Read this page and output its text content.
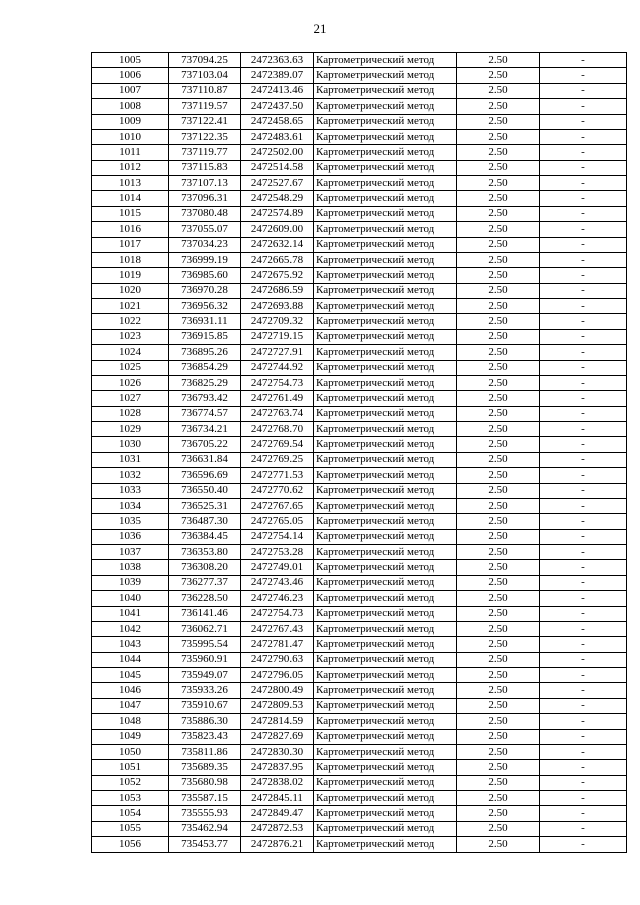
21
1005	737094.25	2472363.63	Картометрический метод	2.50	-
1006	737103.04	2472389.07	Картометрический метод	2.50	-
1007	737110.87	2472413.46	Картометрический метод	2.50	-
1008	737119.57	2472437.50	Картометрический метод	2.50	-
1009	737122.41	2472458.65	Картометрический метод	2.50	-
1010	737122.35	2472483.61	Картометрический метод	2.50	-
1011	737119.77	2472502.00	Картометрический метод	2.50	-
1012	737115.83	2472514.58	Картометрический метод	2.50	-
1013	737107.13	2472527.67	Картометрический метод	2.50	-
1014	737096.31	2472548.29	Картометрический метод	2.50	-
1015	737080.48	2472574.89	Картометрический метод	2.50	-
1016	737055.07	2472609.00	Картометрический метод	2.50	-
1017	737034.23	2472632.14	Картометрический метод	2.50	-
1018	736999.19	2472665.78	Картометрический метод	2.50	-
1019	736985.60	2472675.92	Картометрический метод	2.50	-
1020	736970.28	2472686.59	Картометрический метод	2.50	-
1021	736956.32	2472693.88	Картометрический метод	2.50	-
1022	736931.11	2472709.32	Картометрический метод	2.50	-
1023	736915.85	2472719.15	Картометрический метод	2.50	-
1024	736895.26	2472727.91	Картометрический метод	2.50	-
1025	736854.29	2472744.92	Картометрический метод	2.50	-
1026	736825.29	2472754.73	Картометрический метод	2.50	-
1027	736793.42	2472761.49	Картометрический метод	2.50	-
1028	736774.57	2472763.74	Картометрический метод	2.50	-
1029	736734.21	2472768.70	Картометрический метод	2.50	-
1030	736705.22	2472769.54	Картометрический метод	2.50	-
1031	736631.84	2472769.25	Картометрический метод	2.50	-
1032	736596.69	2472771.53	Картометрический метод	2.50	-
1033	736550.40	2472770.62	Картометрический метод	2.50	-
1034	736525.31	2472767.65	Картометрический метод	2.50	-
1035	736487.30	2472765.05	Картометрический метод	2.50	-
1036	736384.45	2472754.14	Картометрический метод	2.50	-
1037	736353.80	2472753.28	Картометрический метод	2.50	-
1038	736308.20	2472749.01	Картометрический метод	2.50	-
1039	736277.37	2472743.46	Картометрический метод	2.50	-
1040	736228.50	2472746.23	Картометрический метод	2.50	-
1041	736141.46	2472754.73	Картометрический метод	2.50	-
1042	736062.71	2472767.43	Картометрический метод	2.50	-
1043	735995.54	2472781.47	Картометрический метод	2.50	-
1044	735960.91	2472790.63	Картометрический метод	2.50	-
1045	735949.07	2472796.05	Картометрический метод	2.50	-
1046	735933.26	2472800.49	Картометрический метод	2.50	-
1047	735910.67	2472809.53	Картометрический метод	2.50	-
1048	735886.30	2472814.59	Картометрический метод	2.50	-
1049	735823.43	2472827.69	Картометрический метод	2.50	-
1050	735811.86	2472830.30	Картометрический метод	2.50	-
1051	735689.35	2472837.95	Картометрический метод	2.50	-
1052	735680.98	2472838.02	Картометрический метод	2.50	-
1053	735587.15	2472845.11	Картометрический метод	2.50	-
1054	735555.93	2472849.47	Картометрический метод	2.50	-
1055	735462.94	2472872.53	Картометрический метод	2.50	-
1056	735453.77	2472876.21	Картометрический метод	2.50	-
